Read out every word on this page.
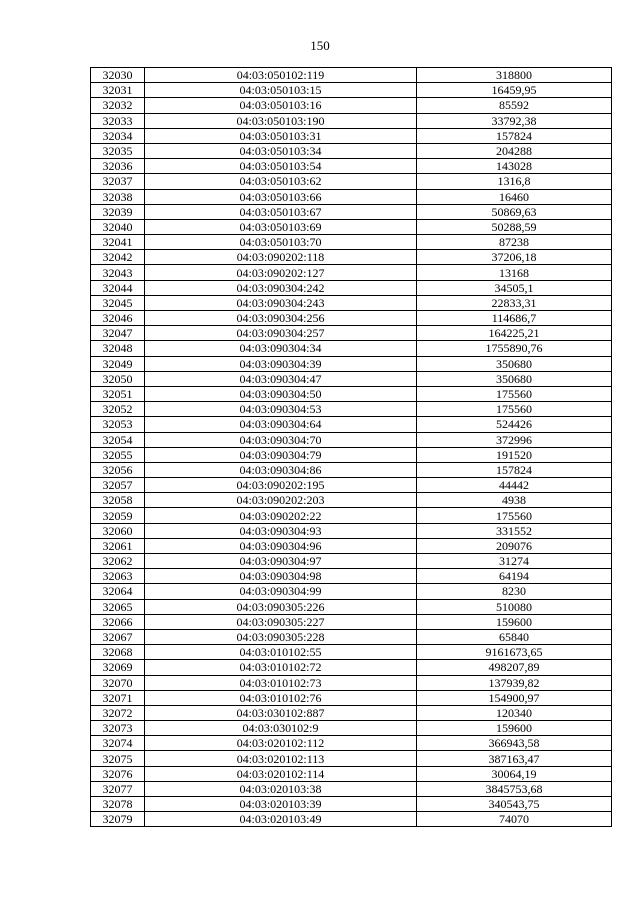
150
32030	04:03:050102:119	318800
32031	04:03:050103:15	16459,95
32032	04:03:050103:16	85592
32033	04:03:050103:190	33792,38
32034	04:03:050103:31	157824
32035	04:03:050103:34	204288
32036	04:03:050103:54	143028
32037	04:03:050103:62	1316,8
32038	04:03:050103:66	16460
32039	04:03:050103:67	50869,63
32040	04:03:050103:69	50288,59
32041	04:03:050103:70	87238
32042	04:03:090202:118	37206,18
32043	04:03:090202:127	13168
32044	04:03:090304:242	34505,1
32045	04:03:090304:243	22833,31
32046	04:03:090304:256	114686,7
32047	04:03:090304:257	164225,21
32048	04:03:090304:34	1755890,76
32049	04:03:090304:39	350680
32050	04:03:090304:47	350680
32051	04:03:090304:50	175560
32052	04:03:090304:53	175560
32053	04:03:090304:64	524426
32054	04:03:090304:70	372996
32055	04:03:090304:79	191520
32056	04:03:090304:86	157824
32057	04:03:090202:195	44442
32058	04:03:090202:203	4938
32059	04:03:090202:22	175560
32060	04:03:090304:93	331552
32061	04:03:090304:96	209076
32062	04:03:090304:97	31274
32063	04:03:090304:98	64194
32064	04:03:090304:99	8230
32065	04:03:090305:226	510080
32066	04:03:090305:227	159600
32067	04:03:090305:228	65840
32068	04:03:010102:55	9161673,65
32069	04:03:010102:72	498207,89
32070	04:03:010102:73	137939,82
32071	04:03:010102:76	154900,97
32072	04:03:030102:887	120340
32073	04:03:030102:9	159600
32074	04:03:020102:112	366943,58
32075	04:03:020102:113	387163,47
32076	04:03:020102:114	30064,19
32077	04:03:020103:38	3845753,68
32078	04:03:020103:39	340543,75
32079	04:03:020103:49	74070
